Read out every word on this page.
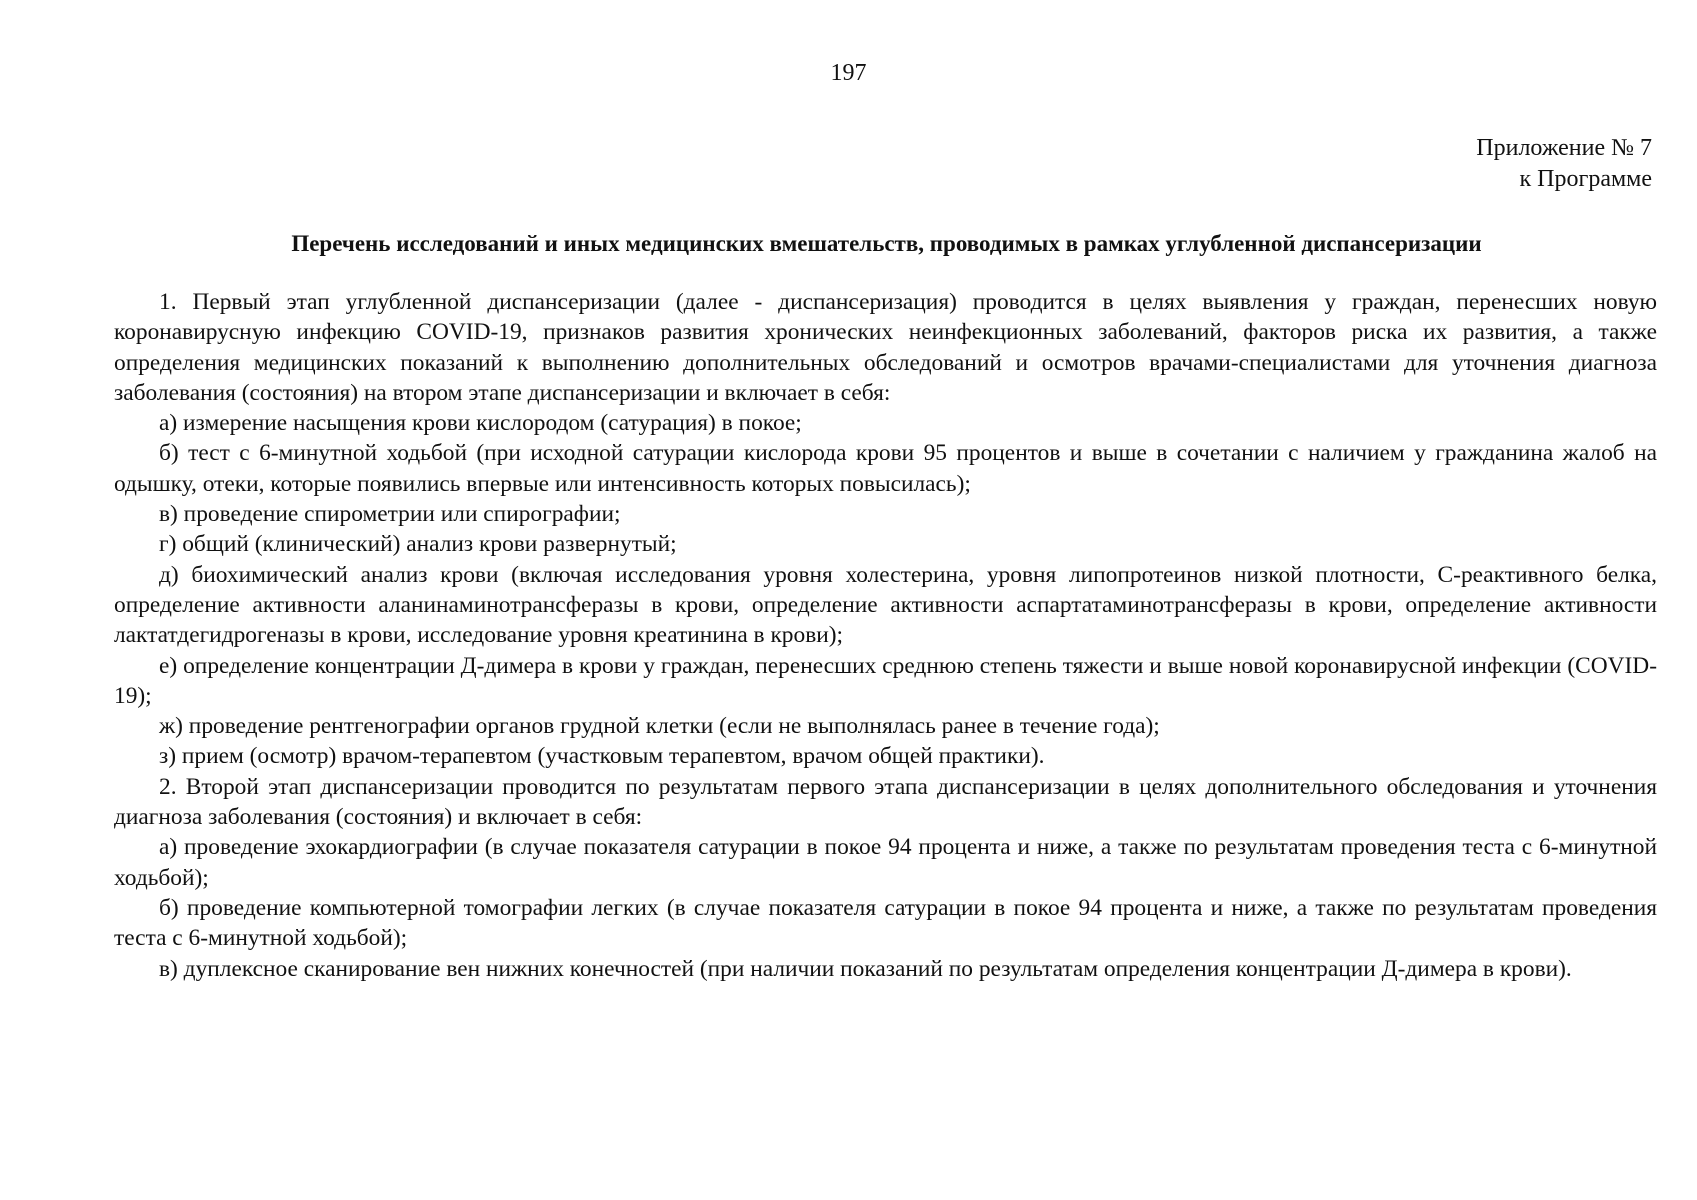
197
Приложение № 7
к Программе
Перечень исследований и иных медицинских вмешательств, проводимых в рамках углубленной диспансеризации

1. Первый этап углубленной диспансеризации (далее - диспансеризация) проводится в целях выявления у граждан, перенесших новую коронавирусную инфекцию COVID-19, признаков развития хронических неинфекционных заболеваний, факторов риска их развития, а также определения медицинских показаний к выполнению дополнительных обследований и осмотров врачами-специалистами для уточнения диагноза заболевания (состояния) на втором этапе диспансеризации и включает в себя:

а) измерение насыщения крови кислородом (сатурация) в покое;

б) тест с 6-минутной ходьбой (при исходной сатурации кислорода крови 95 процентов и выше в сочетании с наличием у гражданина жалоб на одышку, отеки, которые появились впервые или интенсивность которых повысилась);

в) проведение спирометрии или спирографии;

г) общий (клинический) анализ крови развернутый;

д) биохимический анализ крови (включая исследования уровня холестерина, уровня липопротеинов низкой плотности, С-реактивного белка, определение активности аланинаминотрансферазы в крови, определение активности аспартатаминотрансферазы в крови, определение активности лактатдегидрогеназы в крови, исследование уровня креатинина в крови);

е) определение концентрации Д-димера в крови у граждан, перенесших среднюю степень тяжести и выше новой коронавирусной инфекции (COVID-19);

ж) проведение рентгенографии органов грудной клетки (если не выполнялась ранее в течение года);

з) прием (осмотр) врачом-терапевтом (участковым терапевтом, врачом общей практики).

2. Второй этап диспансеризации проводится по результатам первого этапа диспансеризации в целях дополнительного обследования и уточнения диагноза заболевания (состояния) и включает в себя:

а) проведение эхокардиографии (в случае показателя сатурации в покое 94 процента и ниже, а также по результатам проведения теста с 6-минутной ходьбой);

б) проведение компьютерной томографии легких (в случае показателя сатурации в покое 94 процента и ниже, а также по результатам проведения теста с 6-минутной ходьбой);

в) дуплексное сканирование вен нижних конечностей (при наличии показаний по результатам определения концентрации Д-димера в крови).
